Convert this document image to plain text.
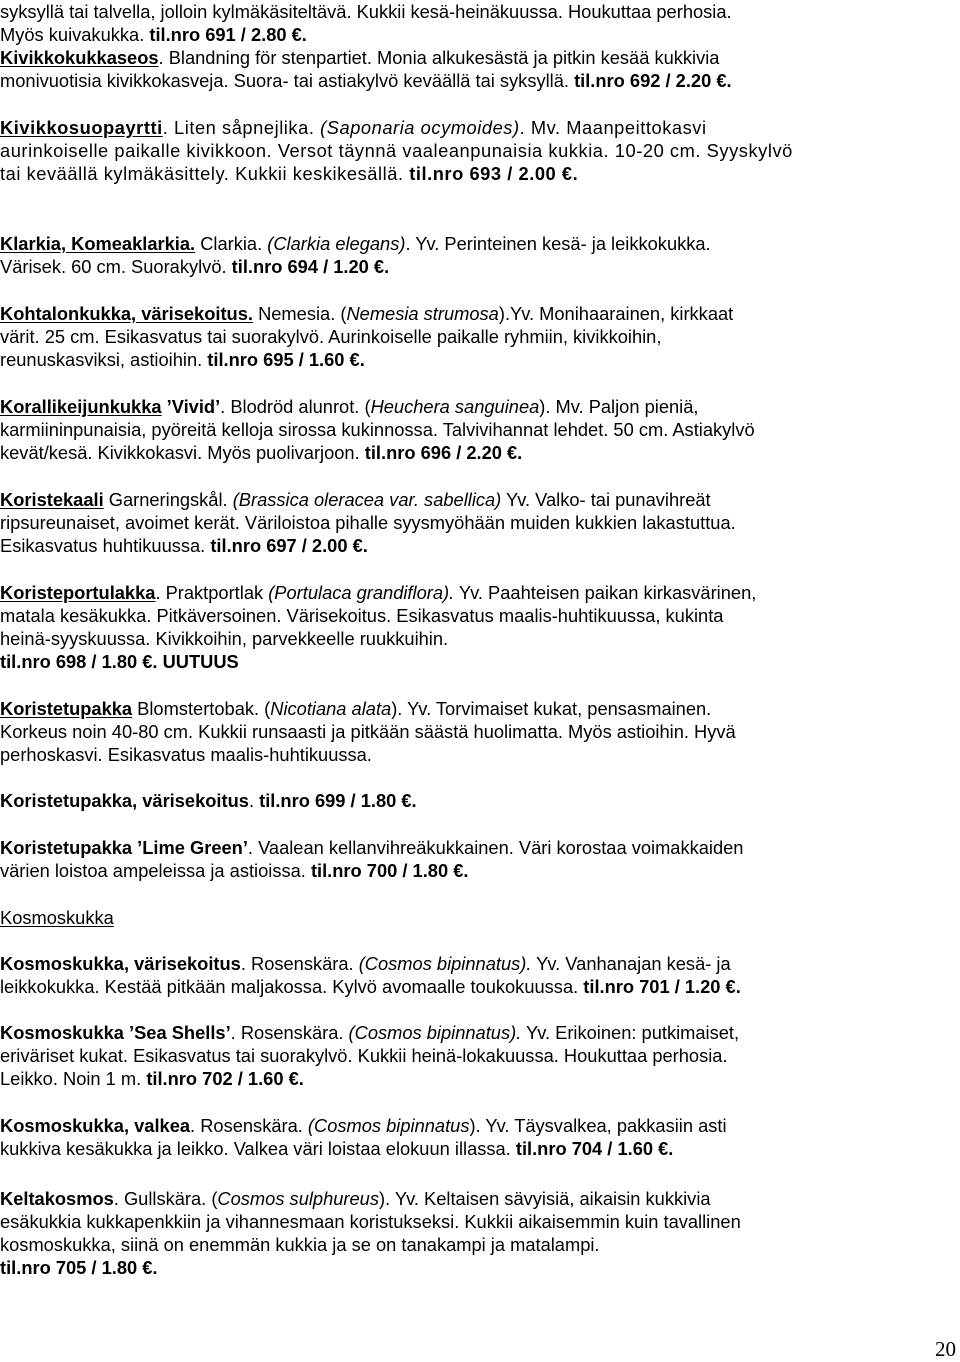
syksyllä tai talvella, jolloin kylmäkäsiteltävä. Kukkii kesä-heinäkuussa. Houkuttaa perhosia.
Myös kuivakukka. til.nro 691 / 2.80 €.
Kivikkokukkaseos. Blandning för stenpartiet. Monia alkukesästä ja pitkin kesää kukkivia
monivuotisia kivikkokasveja. Suora- tai astiakylvö keväällä tai syksyllä. til.nro 692 / 2.20 €.
Kivikkosuopayrtti. Liten såpnejlika. (Saponaria ocymoides). Mv. Maanpeittokasvi
aurinkoiselle paikalle kivikkoon. Versot täynnä vaaleanpunaisia kukkia. 10-20 cm. Syyskylvö
tai keväällä kylmäkäsittely. Kukkii keskikesällä. til.nro 693 / 2.00 €.
Klarkia, Komeaklarkia. Clarkia. (Clarkia elegans). Yv. Perinteinen kesä- ja leikkokukka.
Värisek. 60 cm. Suorakylvö. til.nro 694 / 1.20 €.
Kohtalonkukka, värisekoitus. Nemesia. (Nemesia strumosa).Yv. Monihaarainen, kirkkaat
värit. 25 cm. Esikasvatus tai suorakylvö. Aurinkoiselle paikalle ryhmiin, kivikkoihin,
reunuskasviksi, astioihin. til.nro 695 / 1.60 €.
Korallikeijunkukka ’Vivid’. Blodröd alunrot. (Heuchera sanguinea). Mv. Paljon pieniä,
karmiininpunaisia, pyöreitä kelloja sirossa kukinnossa. Talvivihannat lehdet. 50 cm. Astiakylvö
kevät/kesä. Kivikkokasvi. Myös puolivarjoon. til.nro 696 / 2.20 €.
Koristekaali Garneringskål. (Brassica oleracea var. sabellica) Yv. Valko- tai punavihreät
ripsureunaiset, avoimet kerät. Väriloistoa pihalle syysmyöhään muiden kukkien lakastuttua.
Esikasvatus huhtikuussa. til.nro 697 / 2.00 €.
Koristeportulakka. Praktportlak (Portulaca grandiflora). Yv. Paahteisen paikan kirkasvärinen,
matala kesäkukka. Pitkäversoinen. Värisekoitus. Esikasvatus maalis-huhtikuussa, kukinta
heinä-syyskuussa. Kivikkoihin, parvekkeelle ruukkuihin.
til.nro 698 / 1.80 €. UUTUUS
Koristetupakka Blomstertobak. (Nicotiana alata). Yv. Torvimaiset kukat, pensasmainen.
Korkeus noin 40-80 cm. Kukkii runsaasti ja pitkään säästä huolimatta. Myös astioihin. Hyvä
perhoskasvi. Esikasvatus maalis-huhtikuussa.
Koristetupakka, värisekoitus. til.nro 699 / 1.80 €.
Koristetupakka ’Lime Green’. Vaalean kellanvihreäkukkainen. Väri korostaa voimakkaiden
värien loistoa ampeleissa ja astioissa. til.nro 700 / 1.80 €.
Kosmoskukka
Kosmoskukka, värisekoitus. Rosenskära. (Cosmos bipinnatus). Yv. Vanhanajan kesä- ja
leikkokukka. Kestää pitkään maljakossa. Kylvö avomaalle toukokuussa. til.nro 701 / 1.20 €.
Kosmoskukka ’Sea Shells’. Rosenskära. (Cosmos bipinnatus). Yv. Erikoinen: putkimaiset,
eriväriset kukat. Esikasvatus tai suorakylvö. Kukkii heinä-lokakuussa. Houkuttaa perhosia.
Leikko. Noin 1 m. til.nro 702 / 1.60 €.
Kosmoskukka, valkea. Rosenskära. (Cosmos bipinnatus). Yv. Täysvalkea, pakkasiin asti
kukkiva kesäkukka ja leikko. Valkea väri loistaa elokuun illassa. til.nro 704 / 1.60 €.
Keltakosmos. Gullskära. (Cosmos sulphureus). Yv. Keltaisen sävyisiä, aikaisin kukkivia
esäkukkia kukkapenkkiin ja vihannesmaan koristukseksi. Kukkii aikaisemmin kuin tavallinen
kosmoskukka, siinä on enemmän kukkia ja se on tanakampi ja matalampi.
til.nro 705 / 1.80 €.
20
